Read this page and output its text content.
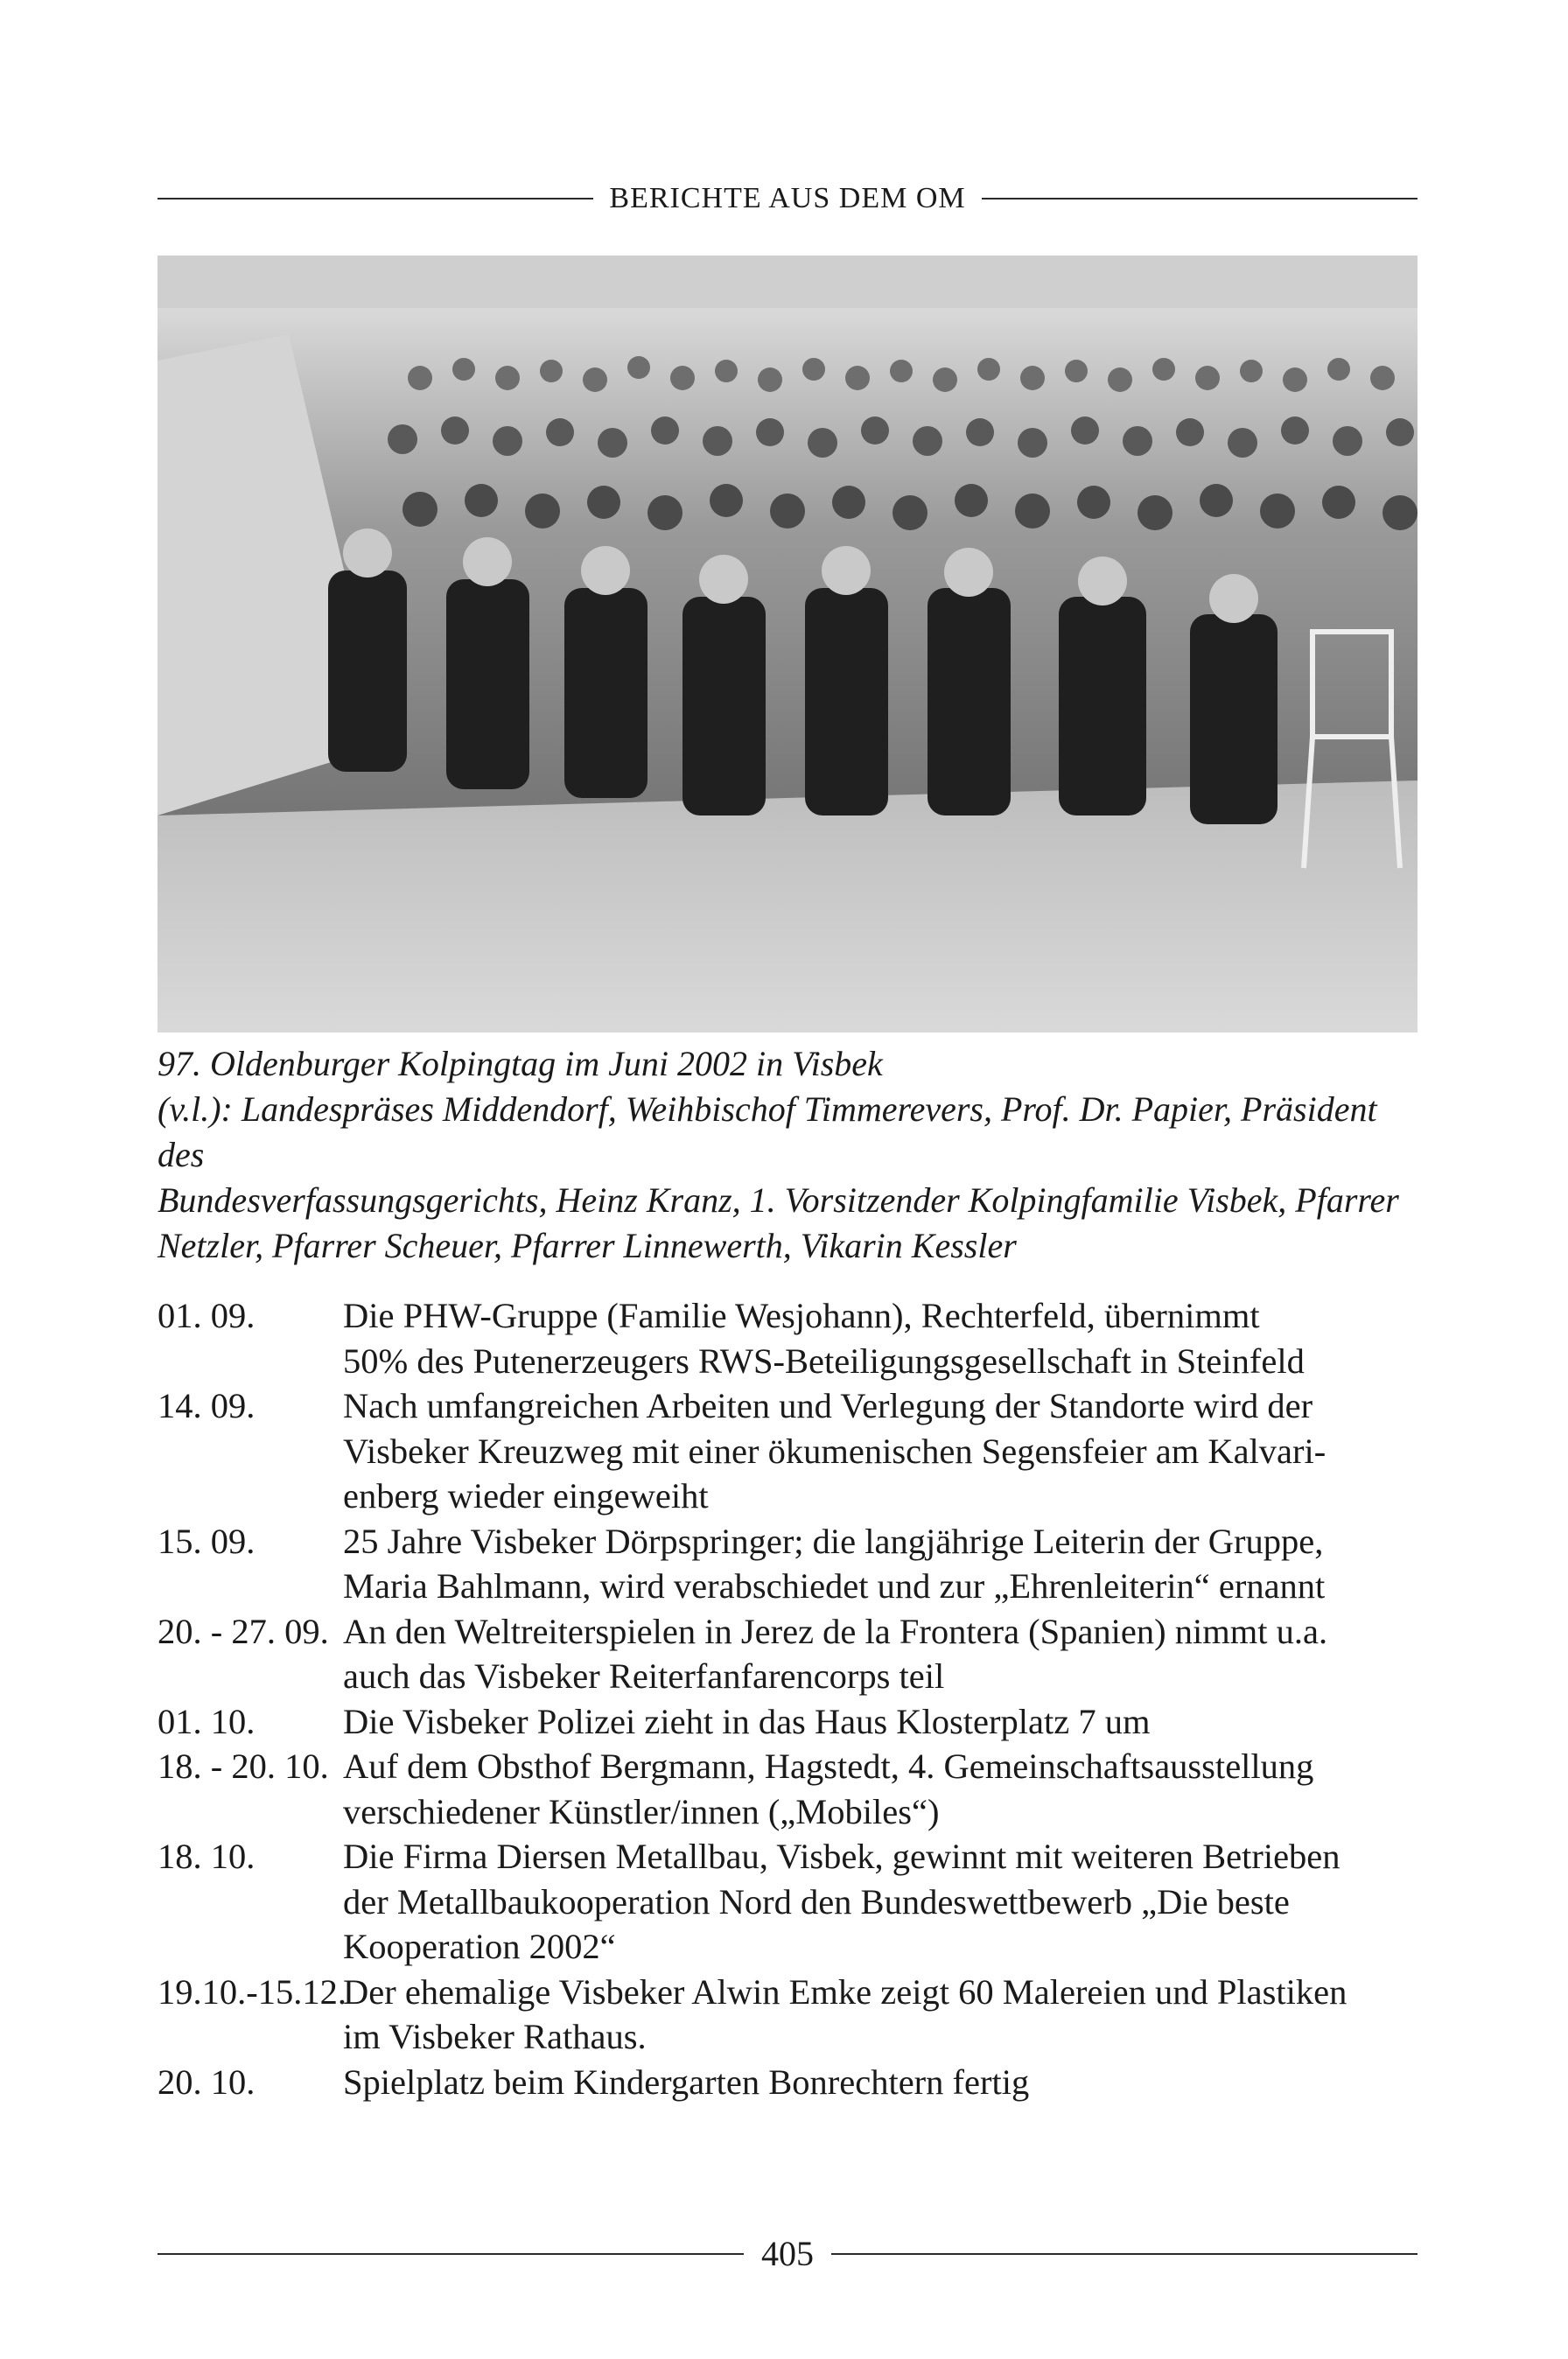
BERICHTE AUS DEM OM

97. Oldenburger Kolpingtag im Juni 2002 in Visbek

(v.l.): Landespräses Middendorf, Weihbischof Timmerevers, Prof. Dr. Papier, Präsident des

Bundesverfassungsgerichts, Heinz Kranz, 1. Vorsitzender Kolpingfamilie Visbek, Pfarrer

Netzler, Pfarrer Scheuer, Pfarrer Linnewerth, Vikarin Kessler

01. 09.	Die PHW-Gruppe (Familie Wesjohann), Rechterfeld, übernimmt
50% des Putenerzeugers RWS-Beteiligungsgesellschaft in Steinfeld
14. 09.	Nach umfangreichen Arbeiten und Verlegung der Standorte wird der
Visbeker Kreuzweg mit einer ökumenischen Segensfeier am Kalvari-
enberg wieder eingeweiht
15. 09.	25 Jahre Visbeker Dörpspringer; die langjährige Leiterin der Gruppe,
Maria Bahlmann, wird verabschiedet und zur „Ehrenleiterin“ ernannt
20. - 27. 09. An den Weltreiterspielen in Jerez de la Frontera (Spanien) nimmt u.a.
auch das Visbeker Reiterfanfarencorps teil
01. 10.	Die Visbeker Polizei zieht in das Haus Klosterplatz 7 um
18. - 20. 10. Auf dem Obsthof Bergmann, Hagstedt, 4. Gemeinschaftsausstellung
verschiedener Künstler/innen („Mobiles“)
18. 10.	Die Firma Diersen Metallbau, Visbek, gewinnt mit weiteren Betrieben
der Metallbaukooperation Nord den Bundeswettbewerb „Die beste
Kooperation 2002“
19.10.-15.12.
Der ehemalige Visbeker Alwin Emke zeigt 60 Malereien und Plastiken
im Visbeker Rathaus.
20. 10.	Spielplatz beim Kindergarten Bonrechtern fertig
405
